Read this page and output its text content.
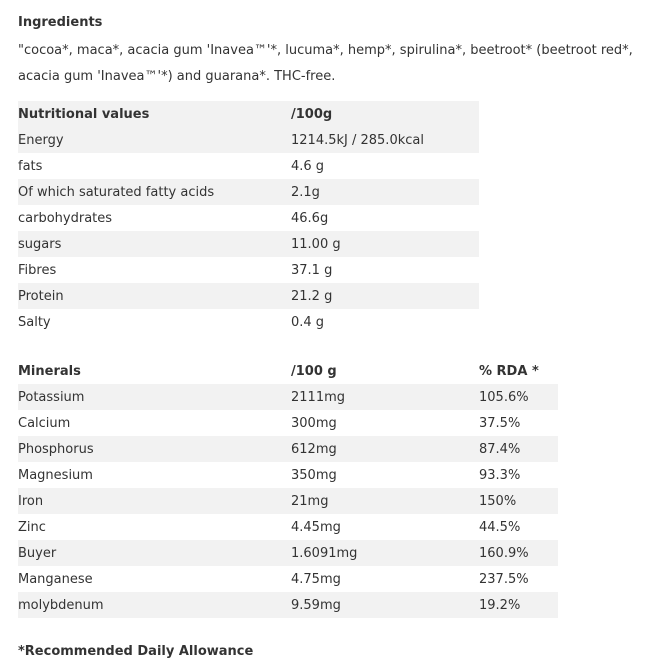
Ingredients
"cocoa*, maca*, acacia gum 'Inavea™'*, lucuma*, hemp*, spirulina*, beetroot* (beetroot red*, acacia gum 'Inavea™'*) and guarana*. THC-free.
Nutritional values	/100g
Energy	1214.5kJ / 285.0kcal
fats	4.6 g
Of which saturated fatty acids	2.1g
carbohydrates	46.6g
sugars	11.00 g
Fibres	37.1 g
Protein	21.2 g
Salty	0.4 g
Minerals	/100 g	% RDA *
Potassium	2111mg	105.6%
Calcium	300mg	37.5%
Phosphorus	612mg	87.4%
Magnesium	350mg	93.3%
Iron	21mg	150%
Zinc	4.45mg	44.5%
Buyer	1.6091mg	160.9%
Manganese	4.75mg	237.5%
molybdenum	9.59mg	19.2%
*Recommended Daily Allowance
